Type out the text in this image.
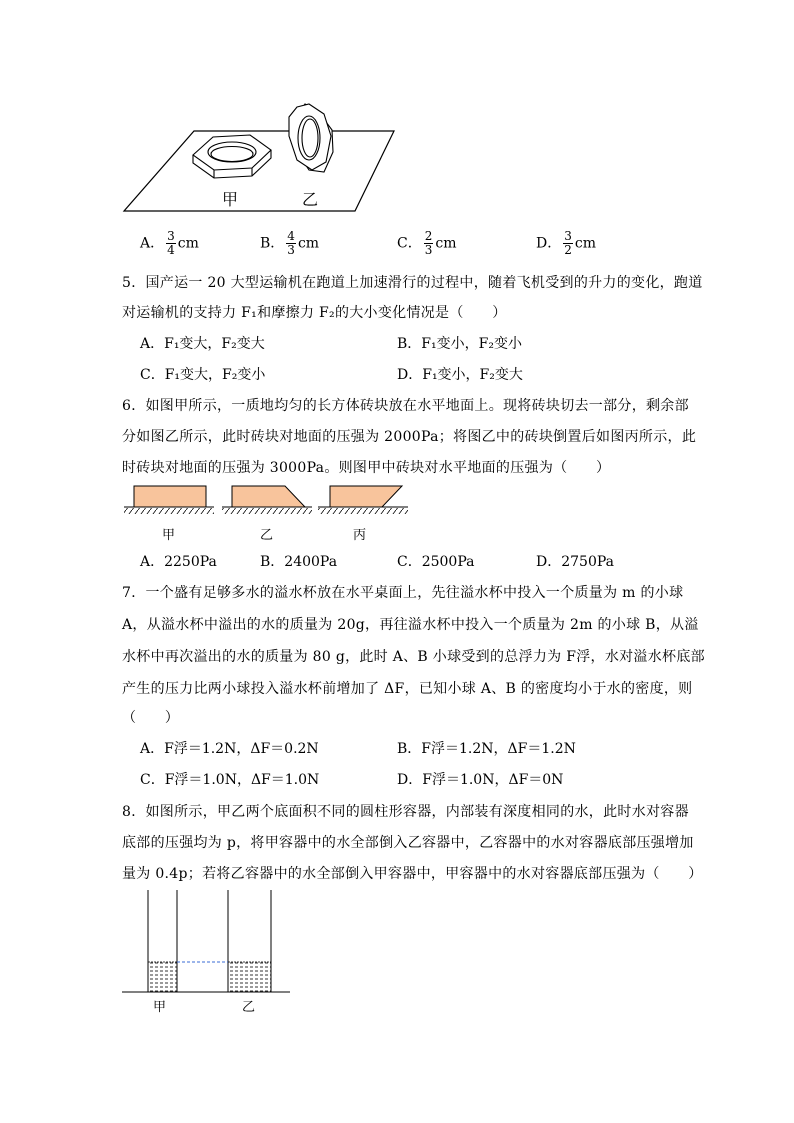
甲	乙
A． $\frac{3}{4}$ cm	B． $\frac{4}{3}$ cm	C． $\frac{2}{3}$ cm	D． $\frac{3}{2}$ cm
5．国产运一 20 大型运输机在跑道上加速滑行的过程中，随着飞机受到的升力的变化，跑道
对运输机的支持力 F₁和摩擦力 F₂的大小变化情况是（　　）
A．F₁变大，F₂变大	B．F₁变小，F₂变小
C．F₁变大，F₂变小	D．F₁变小，F₂变大
6．如图甲所示，一质地均匀的长方体砖块放在水平地面上。现将砖块切去一部分，剩余部
分如图乙所示，此时砖块对地面的压强为 2000Pa；将图乙中的砖块倒置后如图丙所示，此
时砖块对地面的压强为 3000Pa。则图甲中砖块对水平地面的压强为（　　）
甲	乙	丙
A．2250Pa	B．2400Pa	C．2500Pa	D．2750Pa
7．一个盛有足够多水的溢水杯放在水平桌面上，先往溢水杯中投入一个质量为 m 的小球
A，从溢水杯中溢出的水的质量为 20g，再往溢水杯中投入一个质量为 2m 的小球 B，从溢
水杯中再次溢出的水的质量为 80 g，此时 A、B 小球受到的总浮力为 F浮，水对溢水杯底部
产生的压力比两小球投入溢水杯前增加了 ΔF，已知小球 A、B 的密度均小于水的密度，则
（　　）
A．F浮＝1.2N，ΔF＝0.2N	B．F浮＝1.2N，ΔF＝1.2N
C．F浮＝1.0N，ΔF＝1.0N	D．F浮＝1.0N，ΔF＝0N
8．如图所示，甲乙两个底面积不同的圆柱形容器，内部装有深度相同的水，此时水对容器
底部的压强均为 p，将甲容器中的水全部倒入乙容器中，乙容器中的水对容器底部压强增加
量为 0.4p；若将乙容器中的水全部倒入甲容器中，甲容器中的水对容器底部压强为（　　）
甲	乙
